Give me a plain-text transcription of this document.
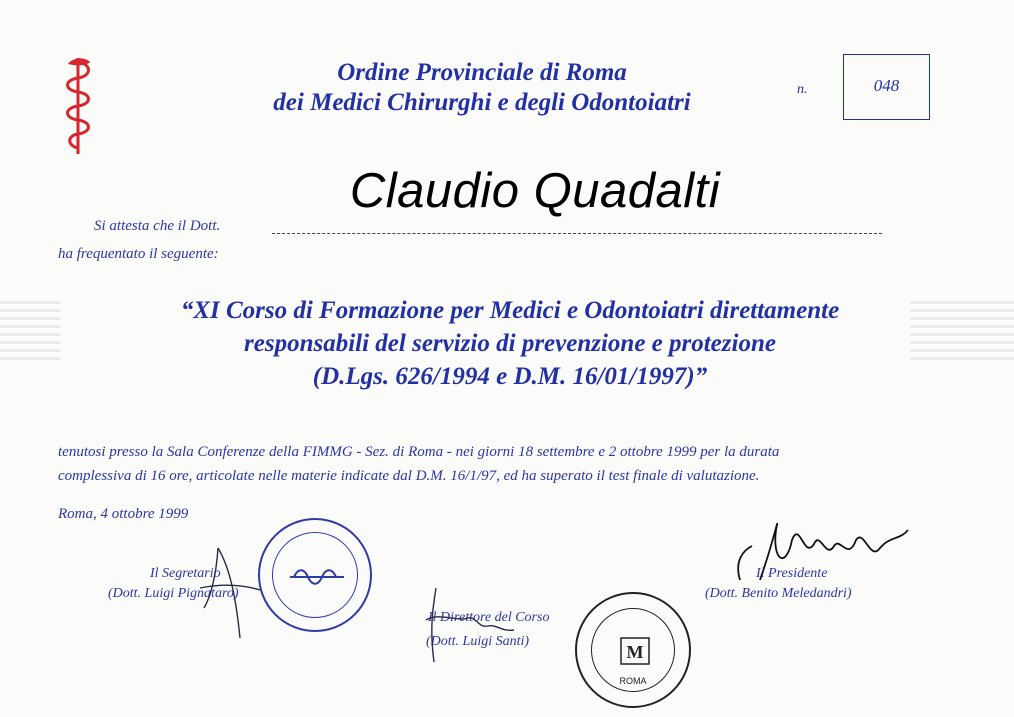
Ordine Provinciale di Roma
dei Medici Chirurghi e degli Odontoiatri	n.	048
Si attesta che il Dott.
Claudio Quadalti
ha frequentato il seguente:
“XI Corso di Formazione per Medici e Odontoiatri direttamente
responsabili del servizio di prevenzione e protezione
(D.Lgs. 626/1994 e D.M. 16/01/1997)”
tenutosi presso la Sala Conferenze della FIMMG - Sez. di Roma - nei giorni 18 settembre e 2 ottobre 1999 per la durata
complessiva di 16 ore, articolate nelle materie indicate dal D.M. 16/1/97, ed ha superato il test finale di valutazione.
Roma, 4 ottobre 1999
Il Segretario
(Dott. Luigi Pignataro)
Il Direttore del Corso
(Dott. Luigi Santi)
M
ROMA
Il Presidente
(Dott. Benito Meledandri)
